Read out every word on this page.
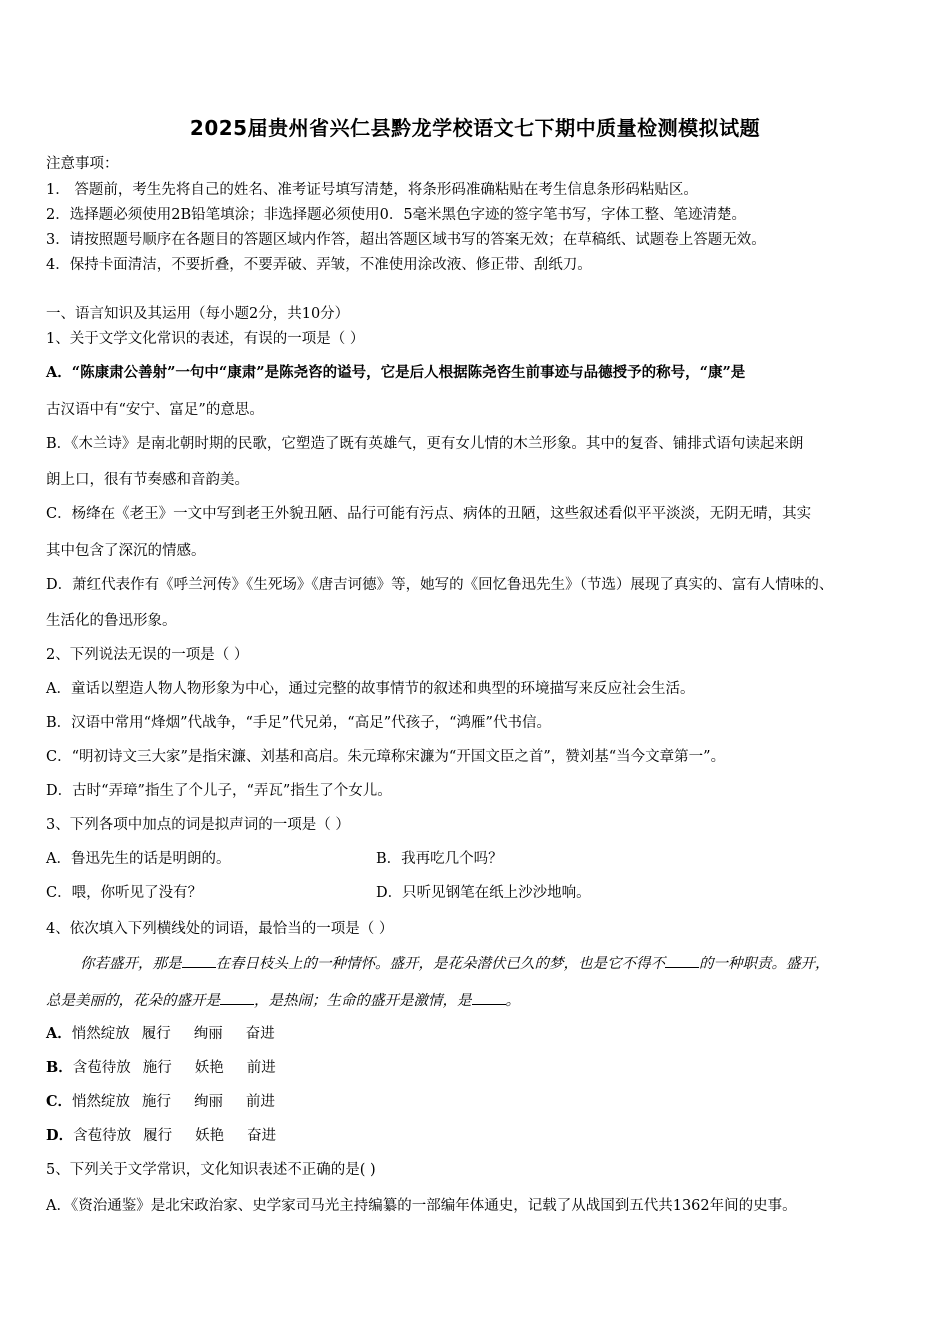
2025届贵州省兴仁县黔龙学校语文七下期中质量检测模拟试题
注意事项：
1． 答题前，考生先将自己的姓名、准考证号填写清楚，将条形码准确粘贴在考生信息条形码粘贴区。
2．选择题必须使用2B铅笔填涂；非选择题必须使用0．5毫米黑色字迹的签字笔书写，字体工整、笔迹清楚。
3．请按照题号顺序在各题目的答题区域内作答，超出答题区域书写的答案无效；在草稿纸、试题卷上答题无效。
4．保持卡面清洁，不要折叠，不要弄破、弄皱，不准使用涂改液、修正带、刮纸刀。
一、语言知识及其运用（每小题2分，共10分）
1、关于文学文化常识的表述，有误的一项是（ ）
A．“陈康肃公善射”一句中“康肃”是陈尧咨的谥号，它是后人根据陈尧咨生前事迹与品德授予的称号，“康”是
古汉语中有“安宁、富足”的意思。
B．《木兰诗》是南北朝时期的民歌，它塑造了既有英雄气，更有女儿情的木兰形象。其中的复沓、铺排式语句读起来朗
朗上口，很有节奏感和音韵美。
C．杨绛在《老王》一文中写到老王外貌丑陋、品行可能有污点、病体的丑陋，这些叙述看似平平淡淡，无阴无晴，其实
其中包含了深沉的情感。
D．萧红代表作有《呼兰河传》《生死场》《唐吉诃德》等，她写的《回忆鲁迅先生》（节选）展现了真实的、富有人情味的、
生活化的鲁迅形象。
2、下列说法无误的一项是（ ）
A．童话以塑造人物人物形象为中心，通过完整的故事情节的叙述和典型的环境描写来反应社会生活。
B．汉语中常用“烽烟”代战争，“手足”代兄弟，“高足”代孩子，“鸿雁”代书信。
C．“明初诗文三大家”是指宋濂、刘基和高启。朱元璋称宋濂为“开国文臣之首”，赞刘基“当今文章第一”。
D．古时“弄璋”指生了个儿子，“弄瓦”指生了个女儿。
3、下列各项中加点的词是拟声词的一项是（ ）
A．鲁迅先生的话是明朗的。	B．我再吃几个吗？
C．喂，你听见了没有？	D．只听见钢笔在纸上沙沙地响。
4、依次填入下列横线处的词语，最恰当的一项是（ ）
你若盛开，那是 在春日枝头上的一种情怀。盛开，是花朵潜伏已久的梦，也是它不得不 的一种职责。盛开，
总是美丽的，花朵的盛开是 ，是热闹；生命的盛开是激情，是 。
A．悄然绽放 履行 绚丽 奋进
B．含苞待放 施行 妖艳 前进
C．悄然绽放 施行 绚丽 前进
D．含苞待放 履行 妖艳 奋进
5、下列关于文学常识，文化知识表述不正确的是( )
A．《资治通鉴》是北宋政治家、史学家司马光主持编纂的一部编年体通史，记载了从战国到五代共1362年间的史事。
